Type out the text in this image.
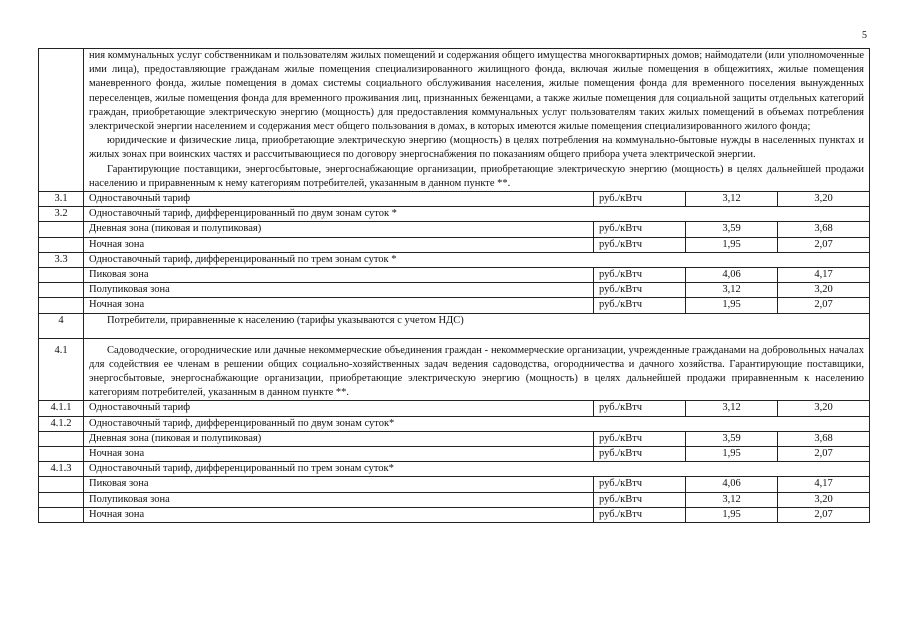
5

	ния коммунальных услуг собственникам и пользователям жилых помещений и содержания общего имущества многоквартирных домов; наймодатели (или уполномоченные ими лица), предоставляющие гражданам жилые помещения специализированного жилищного фонда, включая жилые помещения в общежитиях, жилые помещения маневренного фонда, жилые помещения в домах системы социального обслуживания населения, жилые помещения фонда для временного поселения вынужденных переселенцев, жилые помещения фонда для временного проживания лиц, признанных беженцами, а также жилые помещения для социальной защиты отдельных категорий граждан, приобретающие электрическую энергию (мощность) для предоставления коммунальных услуг пользователям таких жилых помещений в объемах потребления электрической энергии населением и содержания мест общего пользования в домах, в которых имеются жилые помещения специализированного жилого фонда;

юридические и физические лица, приобретающие электрическую энергию (мощность) в целях потребления на коммунально-бытовые нужды в населенных пунктах и жилых зонах при воинских частях и рассчитывающиеся по договору энергоснабжения по показаниям общего прибора учета электрической энергии.

Гарантирующие поставщики, энергосбытовые, энергоснабжающие организации, приобретающие электрическую энергию (мощность) в целях дальнейшей продажи населению и приравненным к нему категориям потребителей, указанным в данном пункте **.			

3.1	Одноставочный тариф	руб./кВтч	3,12	3,20
3.2	Одноставочный тариф, дифференцированный по двум зонам суток *			
	Дневная зона (пиковая и полупиковая)	руб./кВтч	3,59	3,68
	Ночная зона	руб./кВтч	1,95	2,07
3.3	Одноставочный тариф, дифференцированный по трем зонам суток *			
	Пиковая зона	руб./кВтч	4,06	4,17
	Полупиковая зона	руб./кВтч	3,12	3,20
	Ночная зона	руб./кВтч	1,95	2,07
4	Потребители, приравненные к населению (тарифы указываются с учетом НДС)			

4.1	Садоводческие, огороднические или дачные некоммерческие объединения граждан - некоммерческие организации, учрежденные гражданами на добровольных началах для содействия ее членам в решении общих социально-хозяйственных задач ведения садоводства, огородничества и дачного хозяйства. Гарантирующие поставщики, энергосбытовые, энергоснабжающие организации, приобретающие электрическую энергию (мощность) в целях дальнейшей продажи приравненным к населению категориям потребителей, указанным в данном пункте **.			

4.1.1	Одноставочный тариф	руб./кВтч	3,12	3,20
4.1.2	Одноставочный тариф, дифференцированный по двум зонам суток*			
	Дневная зона (пиковая и полупиковая)	руб./кВтч	3,59	3,68
	Ночная зона	руб./кВтч	1,95	2,07
4.1.3	Одноставочный тариф, дифференцированный по трем зонам суток*			
	Пиковая зона	руб./кВтч	4,06	4,17
	Полупиковая зона	руб./кВтч	3,12	3,20
	Ночная зона	руб./кВтч	1,95	2,07
